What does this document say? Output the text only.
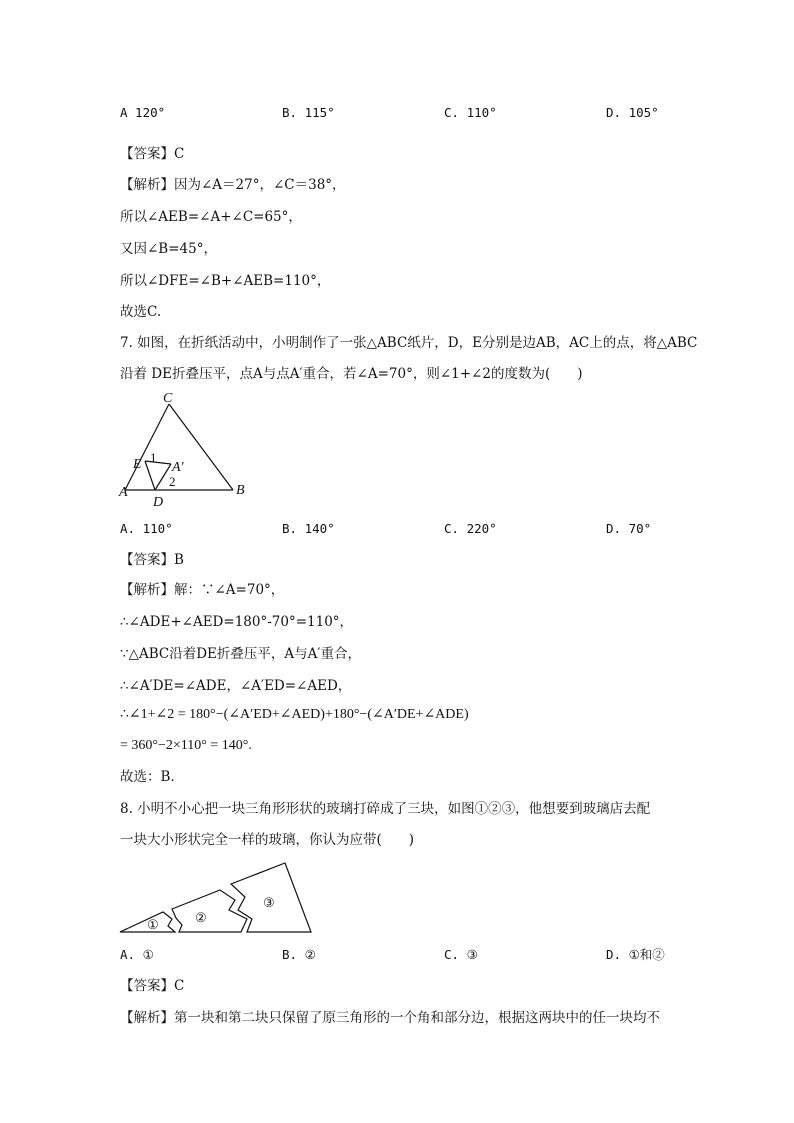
A 120°	B. 115°	C. 110°	D. 105°
【答案】C
【解析】因为∠A＝27°，∠C＝38°，
所以∠AEB=∠A+∠C=65°，
又因∠B=45°，
所以∠DFE=∠B+∠AEB=110°，
故选C.
7. 如图，在折纸活动中，小明制作了一张△ABC纸片，D，E分别是边AB，AC上的点，将△ABC
沿着 DE折叠压平，点A与点A′重合，若∠A=70°，则∠1+∠2的度数为(　　)
C
E 1
A′
2
A	B
D
A. 110°	B. 140°	C. 220°	D. 70°
【答案】B
【解析】解：∵∠A=70°，
∴∠ADE+∠AED=180°-70°=110°，
∵△ABC沿着DE折叠压平，A与A′重合，
∴∠A′DE=∠ADE，∠A′ED=∠AED，
∴∠1+∠2 = 180°−(∠A′ED+∠AED)+180°−(∠A′DE+∠ADE)
= 360°−2×110° = 140°.
故选：B.
8. 小明不小心把一块三角形形状的玻璃打碎成了三块，如图①②③，他想要到玻璃店去配
一块大小形状完全一样的玻璃，你认为应带(　　)
①	②
③
A. ①	B. ②	C. ③	D. ①和②
【答案】C
【解析】第一块和第二块只保留了原三角形的一个角和部分边，根据这两块中的任一块均不
